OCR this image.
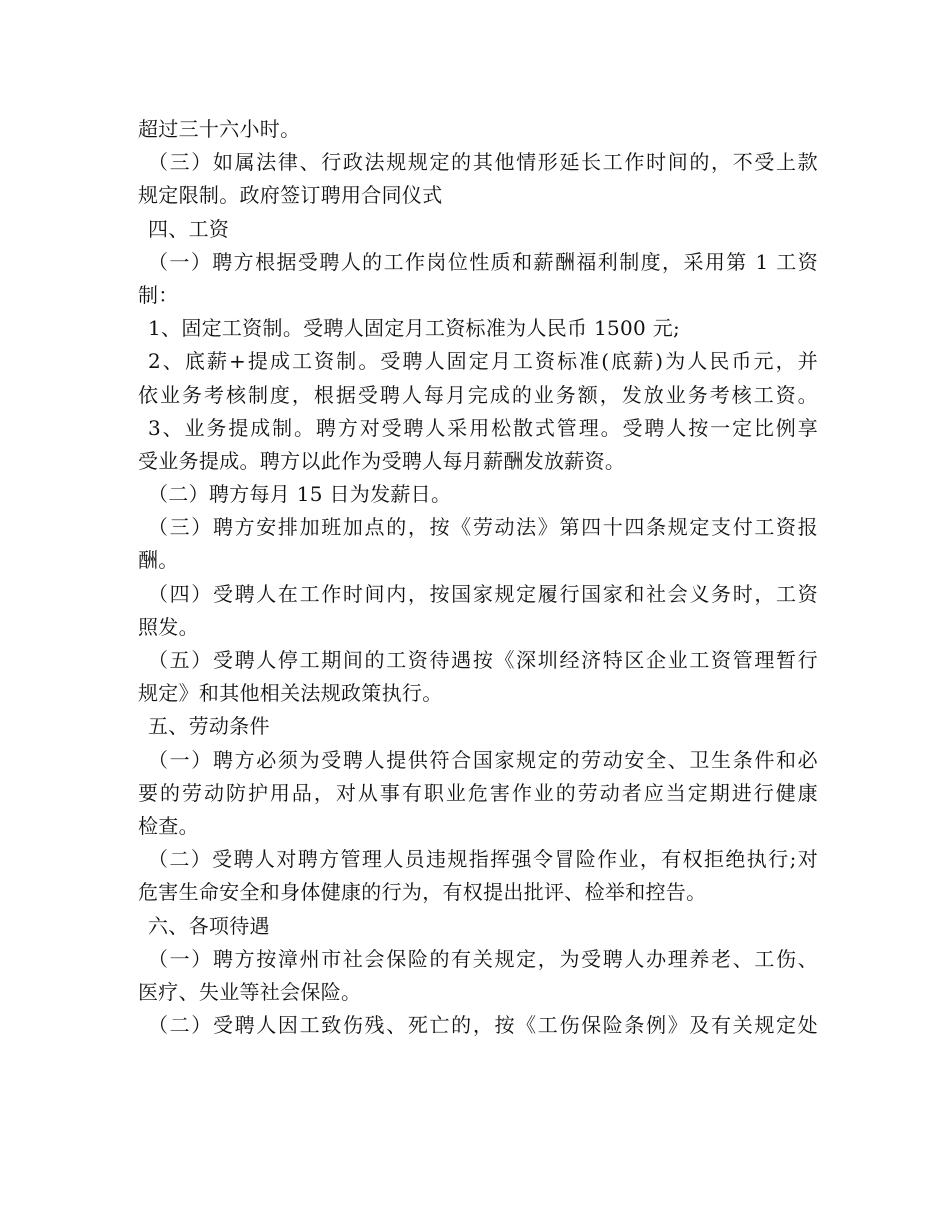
超过三十六小时。
（三）如属法律、行政法规规定的其他情形延长工作时间的，不受上款
规定限制。政府签订聘用合同仪式
四、工资
（一）聘方根据受聘人的工作岗位性质和薪酬福利制度，采用第 1 工资
制：
1、固定工资制。受聘人固定月工资标准为人民币 1500 元;
2、底薪+提成工资制。受聘人固定月工资标准(底薪)为人民币元，并
依业务考核制度，根据受聘人每月完成的业务额，发放业务考核工资。
3、业务提成制。聘方对受聘人采用松散式管理。受聘人按一定比例享
受业务提成。聘方以此作为受聘人每月薪酬发放薪资。
（二）聘方每月 15 日为发薪日。
（三）聘方安排加班加点的，按《劳动法》第四十四条规定支付工资报
酬。
（四）受聘人在工作时间内，按国家规定履行国家和社会义务时，工资
照发。
（五）受聘人停工期间的工资待遇按《深圳经济特区企业工资管理暂行
规定》和其他相关法规政策执行。
五、劳动条件
（一）聘方必须为受聘人提供符合国家规定的劳动安全、卫生条件和必
要的劳动防护用品，对从事有职业危害作业的劳动者应当定期进行健康
检查。
（二）受聘人对聘方管理人员违规指挥强令冒险作业，有权拒绝执行;对
危害生命安全和身体健康的行为，有权提出批评、检举和控告。
六、各项待遇
（一）聘方按漳州市社会保险的有关规定，为受聘人办理养老、工伤、
医疗、失业等社会保险。
（二）受聘人因工致伤残、死亡的，按《工伤保险条例》及有关规定处
